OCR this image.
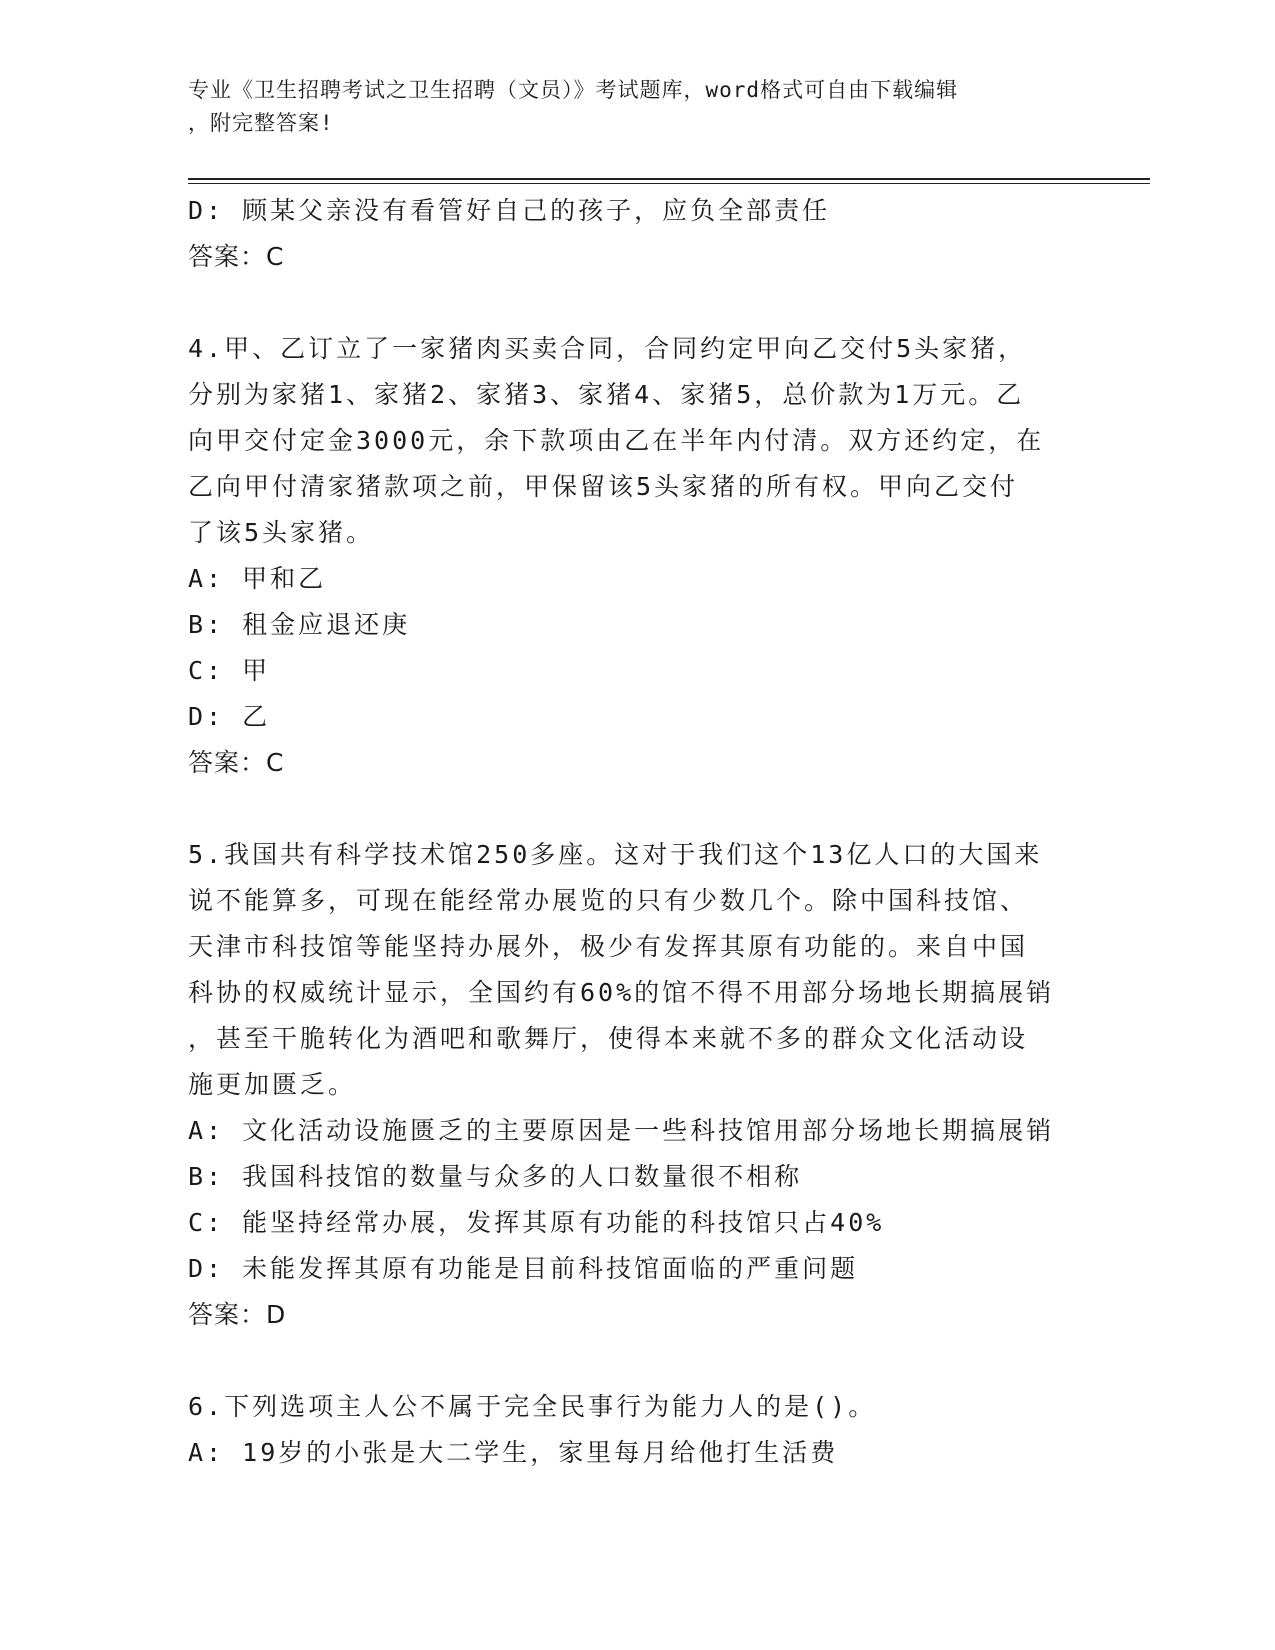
专业《卫生招聘考试之卫生招聘（文员）》考试题库，word格式可自由下载编辑
，附完整答案!
D: 顾某父亲没有看管好自己的孩子，应负全部责任
答案：C
4.甲、乙订立了一家猪肉买卖合同，合同约定甲向乙交付5头家猪，
分别为家猪1、家猪2、家猪3、家猪4、家猪5，总价款为1万元。乙
向甲交付定金3000元，余下款项由乙在半年内付清。双方还约定，在
乙向甲付清家猪款项之前，甲保留该5头家猪的所有权。甲向乙交付
了该5头家猪。
A: 甲和乙
B: 租金应退还庚
C: 甲
D: 乙
答案：C
5.我国共有科学技术馆250多座。这对于我们这个13亿人口的大国来
说不能算多，可现在能经常办展览的只有少数几个。除中国科技馆、
天津市科技馆等能坚持办展外，极少有发挥其原有功能的。来自中国
科协的权威统计显示，全国约有60%的馆不得不用部分场地长期搞展销
，甚至干脆转化为酒吧和歌舞厅，使得本来就不多的群众文化活动设
施更加匮乏。
A: 文化活动设施匮乏的主要原因是一些科技馆用部分场地长期搞展销
B: 我国科技馆的数量与众多的人口数量很不相称
C: 能坚持经常办展，发挥其原有功能的科技馆只占40%
D: 未能发挥其原有功能是目前科技馆面临的严重问题
答案：D
6.下列选项主人公不属于完全民事行为能力人的是()。
A: 19岁的小张是大二学生，家里每月给他打生活费
